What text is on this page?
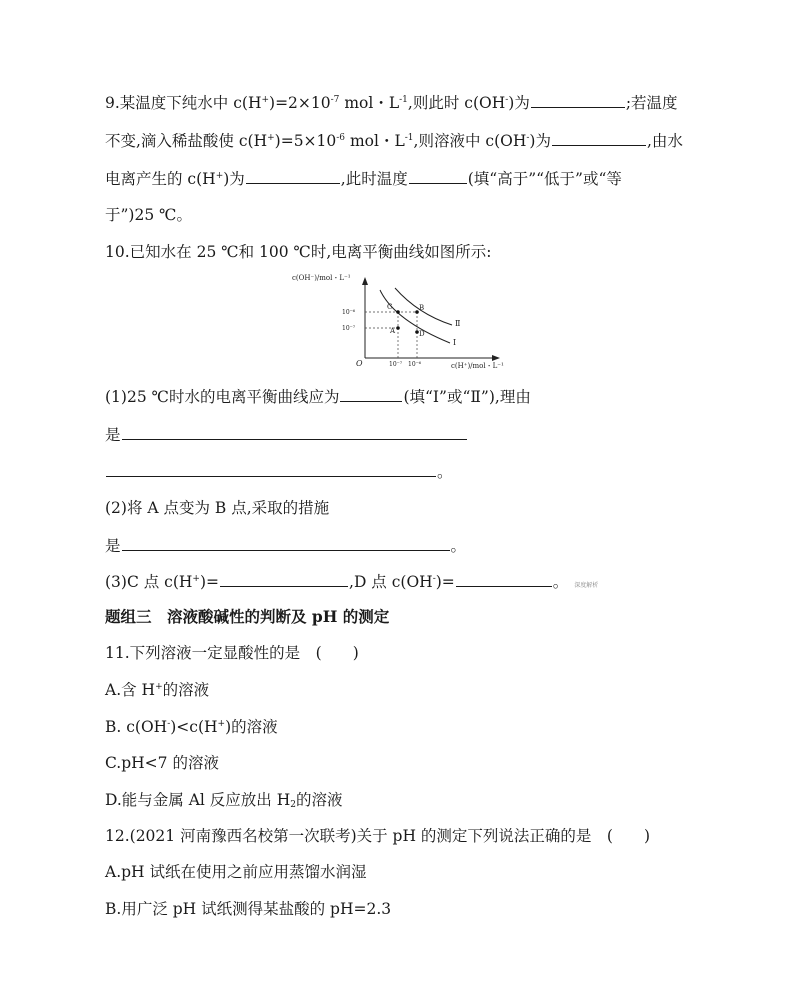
9.某温度下纯水中 $c(H^+)=2\times 10^{-7}$ mol・$L^{-1}$,则此时 c(OH-)为	;若温度
不变,滴入稀盐酸使 $c(H^+)=5\times 10^{-6}$ mol・$L^{-1}$,则溶液中 c(OH-)为	,由水
电离产生的 c(H+)为	,此时温度	(填“高于”“低于”或“等
于”)25 ℃。
10.已知水在 25 ℃和 100 ℃时,电离平衡曲线如图所示:
10⁻⁷ 10⁻⁶
10⁻⁶
10⁻⁷
Ⅰ
Ⅱ
A
B
C
D
c(OH⁻)/mol・L⁻¹
c(H⁺)/mol・L⁻¹
O
(1)25 ℃时水的电离平衡曲线应为	(填“Ⅰ”或“Ⅱ”),理由
是
。
(2)将 A 点变为 B 点,采取的措施
是	。
(3)C 点 c(H+)=	,D 点 c(OH-)=	。 深度解析
题组三　溶液酸碱性的判断及 pH 的测定
11.下列溶液一定显酸性的是　(　　)
A.含 H+的溶液
B. c(OH-)<c(H+)的溶液
C.pH<7 的溶液
D.能与金属 Al 反应放出 $H_2$的溶液
12.(2021 河南豫西名校第一次联考)关于 pH 的测定下列说法正确的是　(　　)
A.pH 试纸在使用之前应用蒸馏水润湿
B.用广泛 pH 试纸测得某盐酸的 pH=2.3
